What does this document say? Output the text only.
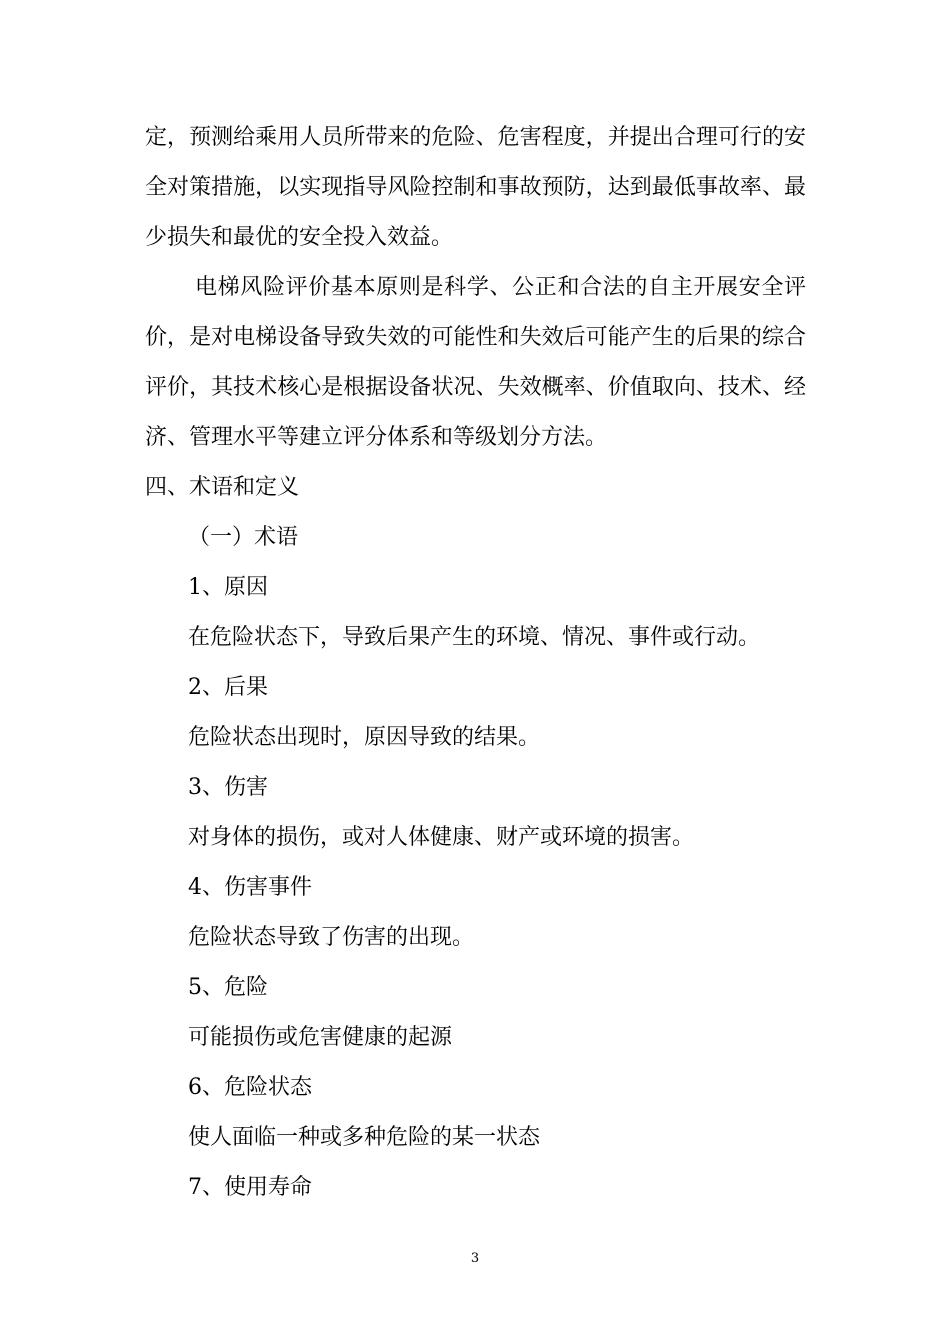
定，预测给乘用人员所带来的危险、危害程度，并提出合理可行的安
全对策措施，以实现指导风险控制和事故预防，达到最低事故率、最
少损失和最优的安全投入效益。
电梯风险评价基本原则是科学、公正和合法的自主开展安全评
价，是对电梯设备导致失效的可能性和失效后可能产生的后果的综合
评价，其技术核心是根据设备状况、失效概率、价值取向、技术、经
济、管理水平等建立评分体系和等级划分方法。
四、术语和定义
（一）术语
1、原因
在危险状态下，导致后果产生的环境、情况、事件或行动。
2、后果
危险状态出现时，原因导致的结果。
3、伤害
对身体的损伤，或对人体健康、财产或环境的损害。
4、伤害事件
危险状态导致了伤害的出现。
5、危险
可能损伤或危害健康的起源
6、危险状态
使人面临一种或多种危险的某一状态
7、使用寿命
3
